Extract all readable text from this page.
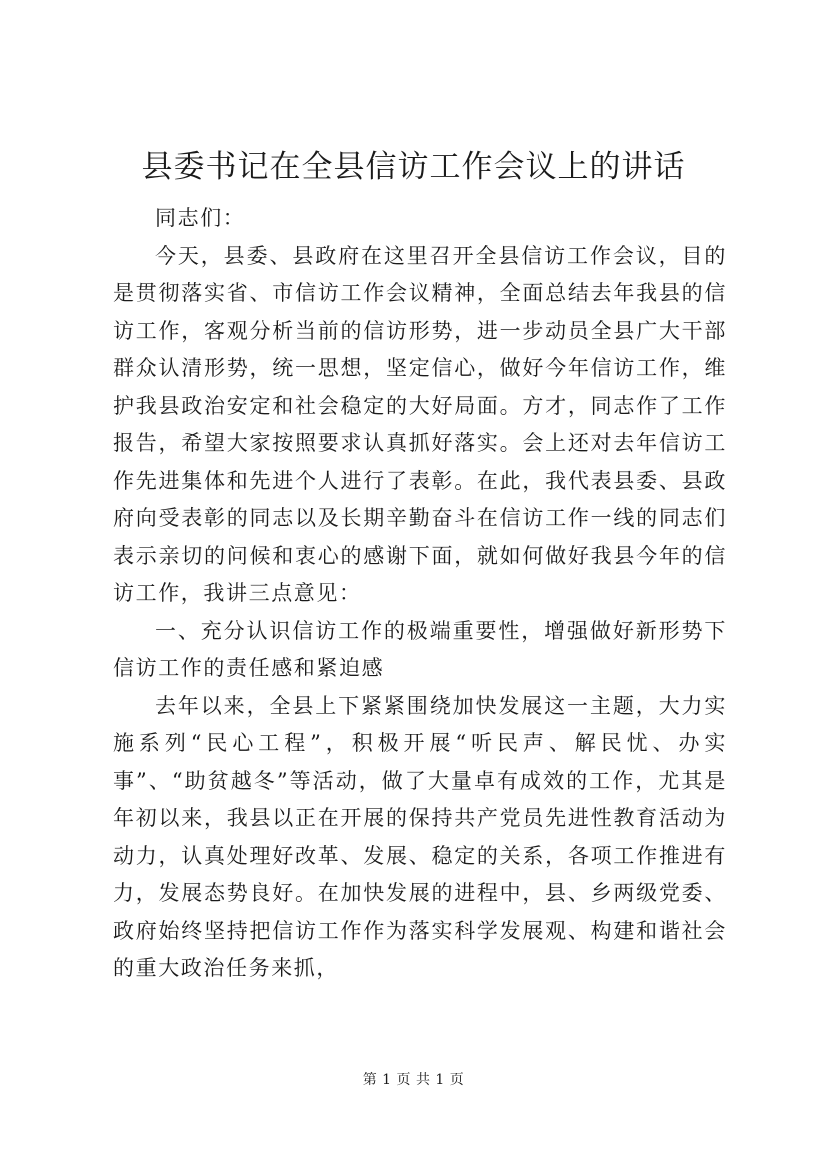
县委书记在全县信访工作会议上的讲话

同志们：

今天，县委、县政府在这里召开全县信访工作会议，目的是贯彻落实省、市信访工作会议精神，全面总结去年我县的信访工作，客观分析当前的信访形势，进一步动员全县广大干部群众认清形势，统一思想，坚定信心，做好今年信访工作，维护我县政治安定和社会稳定的大好局面。方才，同志作了工作报告，希望大家按照要求认真抓好落实。会上还对去年信访工作先进集体和先进个人进行了表彰。在此，我代表县委、县政府向受表彰的同志以及长期辛勤奋斗在信访工作一线的同志们表示亲切的问候和衷心的感谢下面，就如何做好我县今年的信访工作，我讲三点意见：

一、充分认识信访工作的极端重要性，增强做好新形势下信访工作的责任感和紧迫感

去年以来，全县上下紧紧围绕加快发展这一主题，大力实施系列“民心工程”，积极开展“听民声、解民忧、办实事”、“助贫越冬”等活动，做了大量卓有成效的工作，尤其是年初以来，我县以正在开展的保持共产党员先进性教育活动为动力，认真处理好改革、发展、稳定的关系，各项工作推进有力，发展态势良好。在加快发展的进程中，县、乡两级党委、政府始终坚持把信访工作作为落实科学发展观、构建和谐社会的重大政治任务来抓，

第 1 页 共 1 页
